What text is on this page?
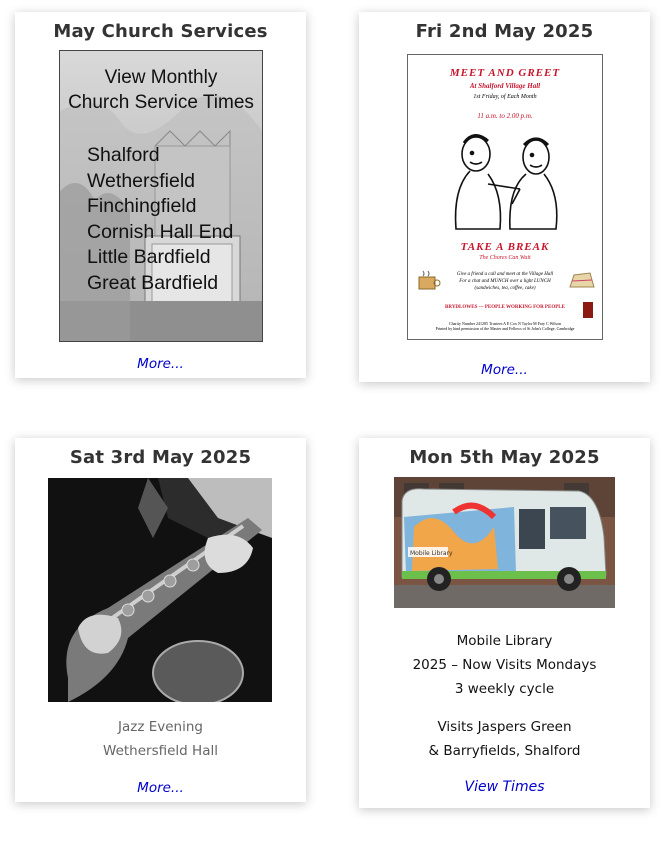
May Church Services
View Monthly
Church Service Times
Shalford
Wethersfield
Finchingfield
Cornish Hall End
Little Bardfield
Great Bardfield
More...
Fri 2nd May 2025
MEET AND GREET
At Shalford Village Hall
1st Friday, of Each Month
11 a.m. to 2.00 p.m.
TAKE A BREAK
The Chores Can Wait
Give a friend a call and meet at the Village Hall
For a chat and MUNCH over a light LUNCH
(sandwiches, tea, coffee, cake)
BRYDLOWES — PEOPLE WORKING FOR PEOPLE
Charity Number 241285 Trustees A E Cox N Taylor M Fray C Wilson
Printed by kind permission of the Master and Fellows of St John's College, Cambridge
More...
Sat 3rd May 2025
Jazz Evening
Wethersfield Hall
More...
Mon 5th May 2025
Mobile Library
Mobile Library
2025 – Now Visits Mondays
3 weekly cycle
Visits Jaspers Green
& Barryfields, Shalford
View Times
